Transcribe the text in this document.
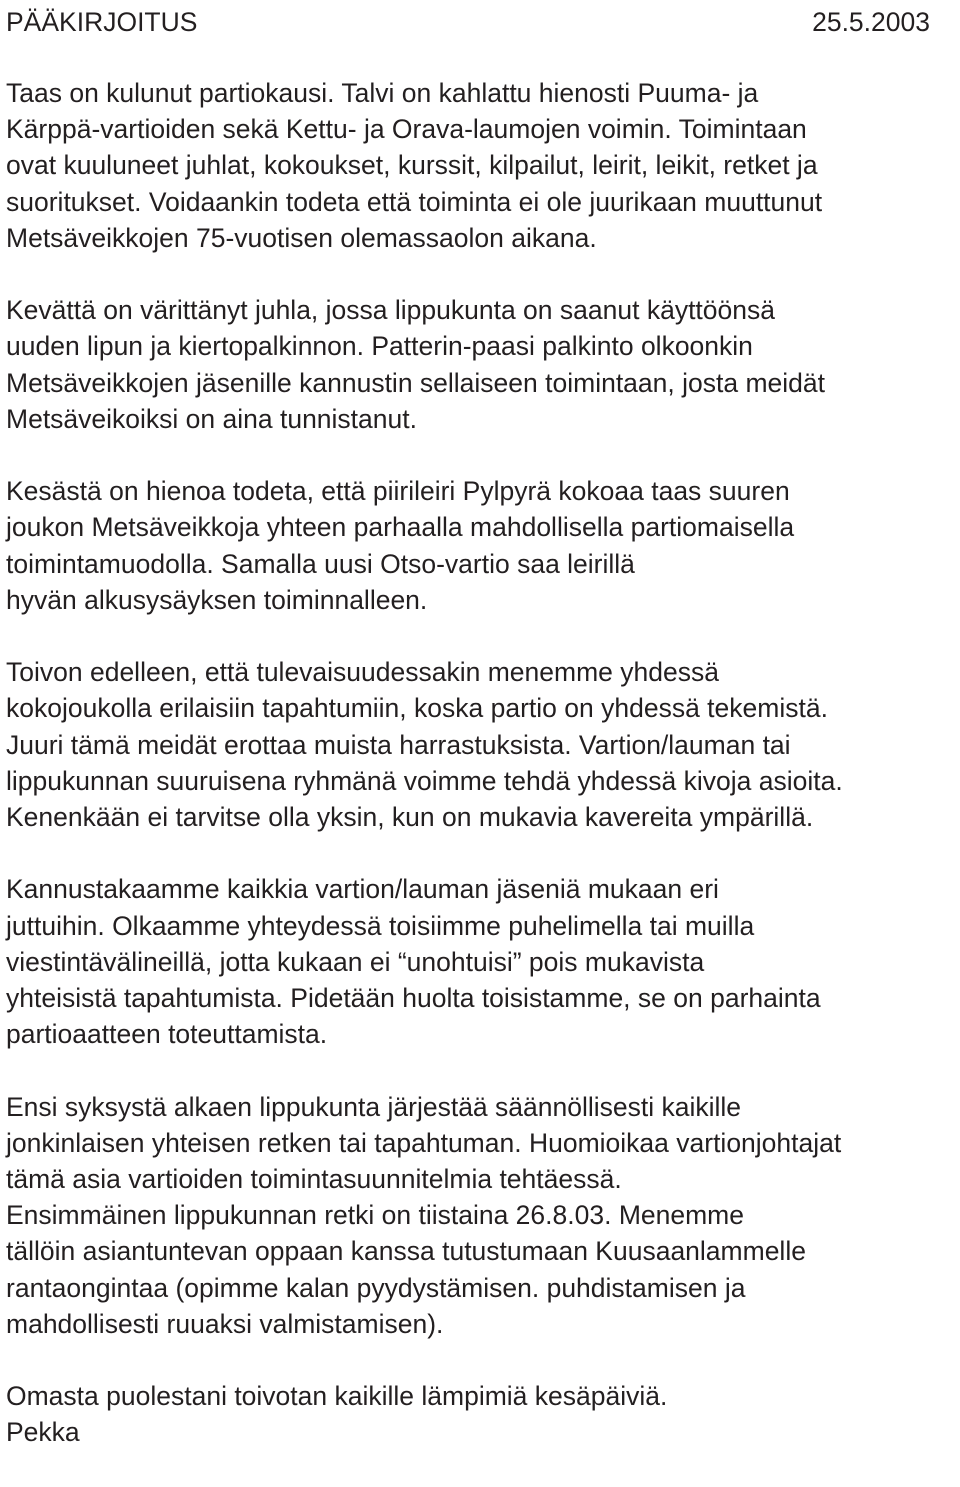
PÄÄKIRJOITUS	25.5.2003

Taas on kulunut partiokausi. Talvi on kahlattu hienosti Puuma- ja
Kärppä-vartioiden sekä Kettu- ja Orava-laumojen voimin. Toimintaan
ovat kuuluneet juhlat, kokoukset, kurssit, kilpailut, leirit, leikit, retket ja
suoritukset. Voidaankin todeta että toiminta ei ole juurikaan muuttunut
Metsäveikkojen 75-vuotisen olemassaolon aikana.

Kevättä on värittänyt juhla, jossa lippukunta on saanut käyttöönsä
uuden lipun ja kiertopalkinnon. Patterin-paasi palkinto olkoonkin
Metsäveikkojen jäsenille kannustin sellaiseen toimintaan, josta meidät
Metsäveikoiksi on aina tunnistanut.

Kesästä on hienoa todeta, että piirileiri Pylpyrä kokoaa taas suuren
joukon Metsäveikkoja yhteen parhaalla mahdollisella partiomaisella
toimintamuodolla. Samalla uusi Otso-vartio saa leirillä
hyvän alkusysäyksen toiminnalleen.

Toivon edelleen, että tulevaisuudessakin menemme yhdessä
kokojoukolla erilaisiin tapahtumiin, koska partio on yhdessä tekemistä.
Juuri tämä meidät erottaa muista harrastuksista. Vartion/lauman tai
lippukunnan suuruisena ryhmänä voimme tehdä yhdessä kivoja asioita.
Kenenkään ei tarvitse olla yksin, kun on mukavia kavereita ympärillä.

Kannustakaamme kaikkia vartion/lauman jäseniä mukaan eri
juttuihin. Olkaamme yhteydessä toisiimme puhelimella tai muilla
viestintävälineillä, jotta kukaan ei “unohtuisi” pois mukavista
yhteisistä tapahtumista. Pidetään huolta toisistamme, se on parhainta
partioaatteen toteuttamista.

Ensi syksystä alkaen lippukunta järjestää säännöllisesti kaikille
jonkinlaisen yhteisen retken tai tapahtuman. Huomioikaa vartionjohtajat
tämä asia vartioiden toimintasuunnitelmia tehtäessä.
Ensimmäinen lippukunnan retki on tiistaina 26.8.03. Menemme
tällöin asiantuntevan oppaan kanssa tutustumaan Kuusaanlammelle
rantaongintaa (opimme kalan pyydystämisen. puhdistamisen ja
mahdollisesti ruuaksi valmistamisen).

Omasta puolestani toivotan kaikille lämpimiä kesäpäiviä.
Pekka
